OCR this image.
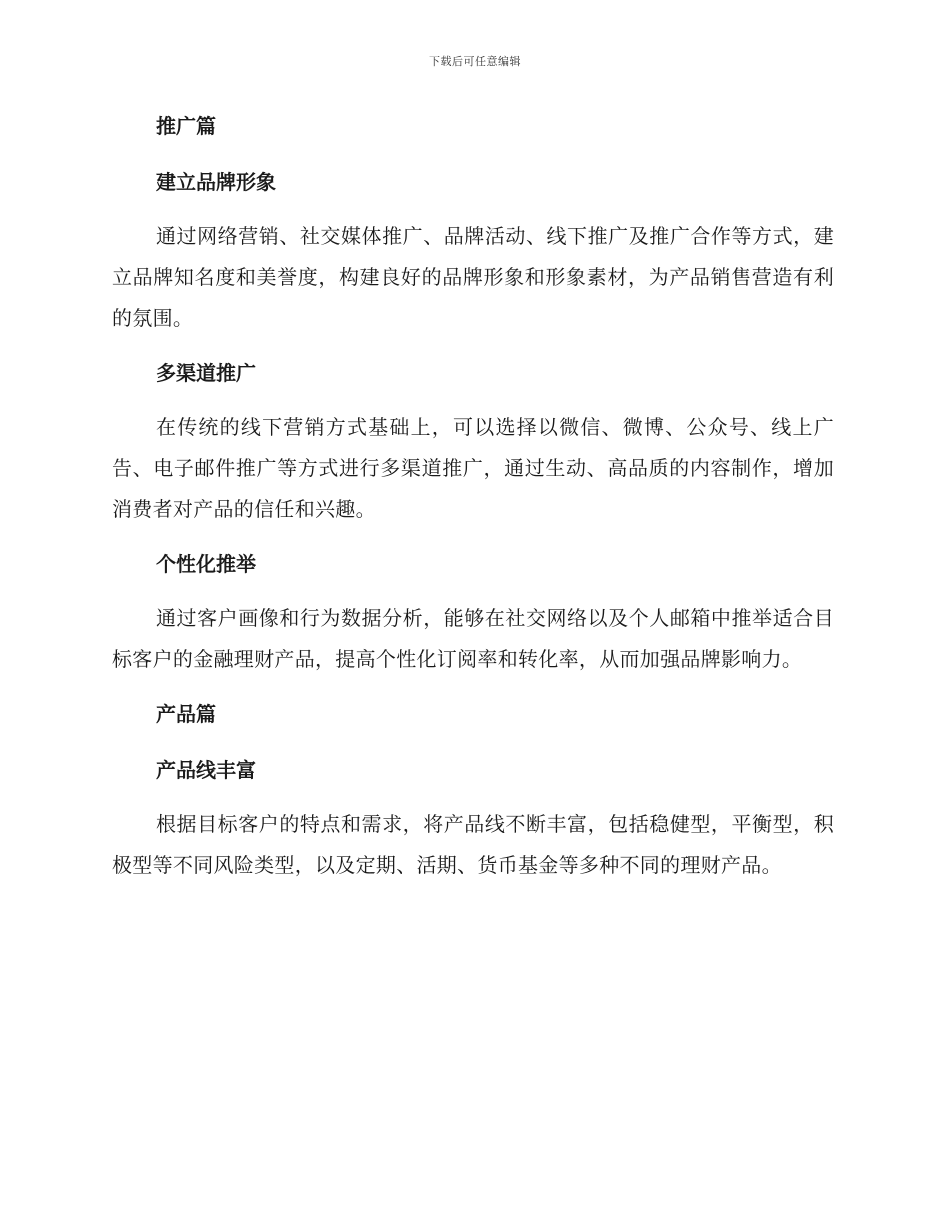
下载后可任意编辑
推广篇
建立品牌形象

通过网络营销、社交媒体推广、品牌活动、线下推广及推广合作等方式，建立品牌知名度和美誉度，构建良好的品牌形象和形象素材，为产品销售营造有利的氛围。

多渠道推广

在传统的线下营销方式基础上，可以选择以微信、微博、公众号、线上广告、电子邮件推广等方式进行多渠道推广，通过生动、高品质的内容制作，增加消费者对产品的信任和兴趣。

个性化推举

通过客户画像和行为数据分析，能够在社交网络以及个人邮箱中推举适合目标客户的金融理财产品，提高个性化订阅率和转化率，从而加强品牌影响力。

产品篇
产品线丰富

根据目标客户的特点和需求，将产品线不断丰富，包括稳健型，平衡型，积极型等不同风险类型，以及定期、活期、货币基金等多种不同的理财产品。
